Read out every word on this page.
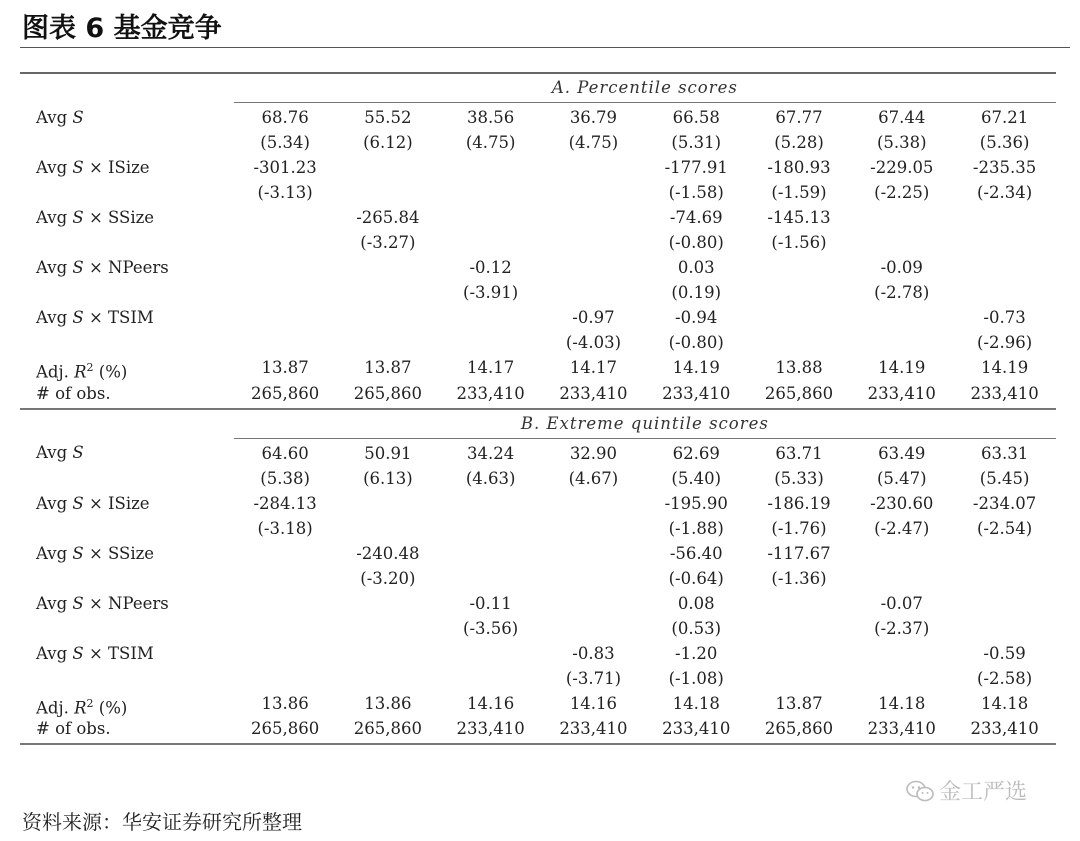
图表 6 基金竞争
	A. Percentile scores							
Avg S	68.76	55.52	38.56	36.79	66.58	67.77	67.44	67.21
	(5.34)	(6.12)	(4.75)	(4.75)	(5.31)	(5.28)	(5.38)	(5.36)
Avg S × ISize	-301.23				-177.91	-180.93	-229.05	-235.35
	(-3.13)				(-1.58)	(-1.59)	(-2.25)	(-2.34)
Avg S × SSize		-265.84			-74.69	-145.13		
		(-3.27)			(-0.80)	(-1.56)		
Avg S × NPeers			-0.12		0.03		-0.09	
			(-3.91)		(0.19)		(-2.78)	
Avg S × TSIM				-0.97	-0.94			-0.73
				(-4.03)	(-0.80)			(-2.96)
Adj. $R^2$ (%)	13.87	13.87	14.17	14.17	14.19	13.88	14.19	14.19
# of obs.	265,860	265,860	233,410	233,410	233,410	265,860	233,410	233,410
	B. Extreme quintile scores							
Avg S	64.60	50.91	34.24	32.90	62.69	63.71	63.49	63.31
	(5.38)	(6.13)	(4.63)	(4.67)	(5.40)	(5.33)	(5.47)	(5.45)
Avg S × ISize	-284.13				-195.90	-186.19	-230.60	-234.07
	(-3.18)				(-1.88)	(-1.76)	(-2.47)	(-2.54)
Avg S × SSize		-240.48			-56.40	-117.67		
		(-3.20)			(-0.64)	(-1.36)		
Avg S × NPeers			-0.11		0.08		-0.07	
			(-3.56)		(0.53)		(-2.37)	
Avg S × TSIM				-0.83	-1.20			-0.59
				(-3.71)	(-1.08)			(-2.58)
Adj. $R^2$ (%)	13.86	13.86	14.16	14.16	14.18	13.87	14.18	14.18
# of obs.	265,860	265,860	233,410	233,410	233,410	265,860	233,410	233,410
金工严选
资料来源：华安证券研究所整理
